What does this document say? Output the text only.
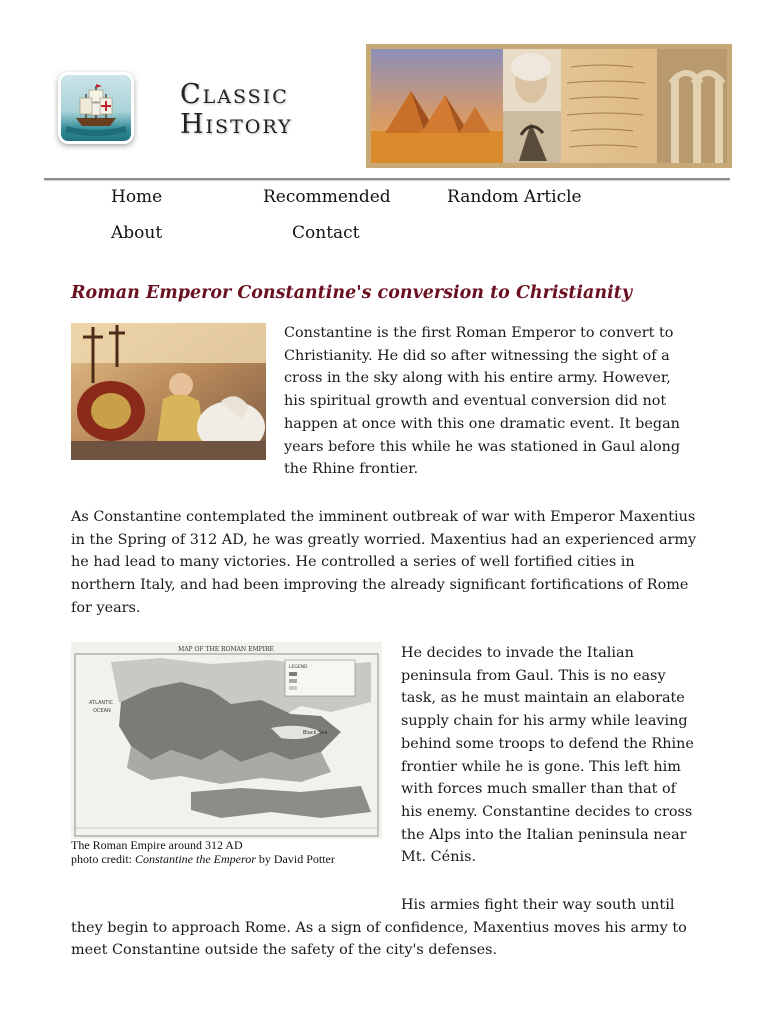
Classic
History
Home	Recommended	Random Article
About	Contact
Roman Emperor Constantine's conversion to Christianity

Constantine is the first Roman Emperor to convert to Christianity. He did so after witnessing the sight of a cross in the sky along with his entire army. However, his spiritual growth and eventual conversion did not happen at once with this one dramatic event. It began years before this while he was stationed in Gaul along the Rhine frontier.

As Constantine contemplated the imminent outbreak of war with Emperor Maxentius in the Spring of 312 AD, he was greatly worried. Maxentius had an experienced army he had lead to many victories. He controlled a series of well fortified cities in northern Italy, and had been improving the already significant fortifications of Rome for years.

MAP OF THE ROMAN EMPIRE
ATLANTIC
OCEAN
Black Sea
LEGEND
The Roman Empire around 312 AD
photo credit: Constantine the Emperor by David Potter

He decides to invade the Italian peninsula from Gaul. This is no easy task, as he must maintain an elaborate supply chain for his army while leaving behind some troops to defend the Rhine frontier while he is gone. This left him with forces much smaller than that of his enemy. Constantine decides to cross the Alps into the Italian peninsula near Mt. Cénis.

His armies fight their way south until they begin to approach Rome. As a sign of confidence, Maxentius moves his army to meet Constantine outside the safety of the city's defenses.
